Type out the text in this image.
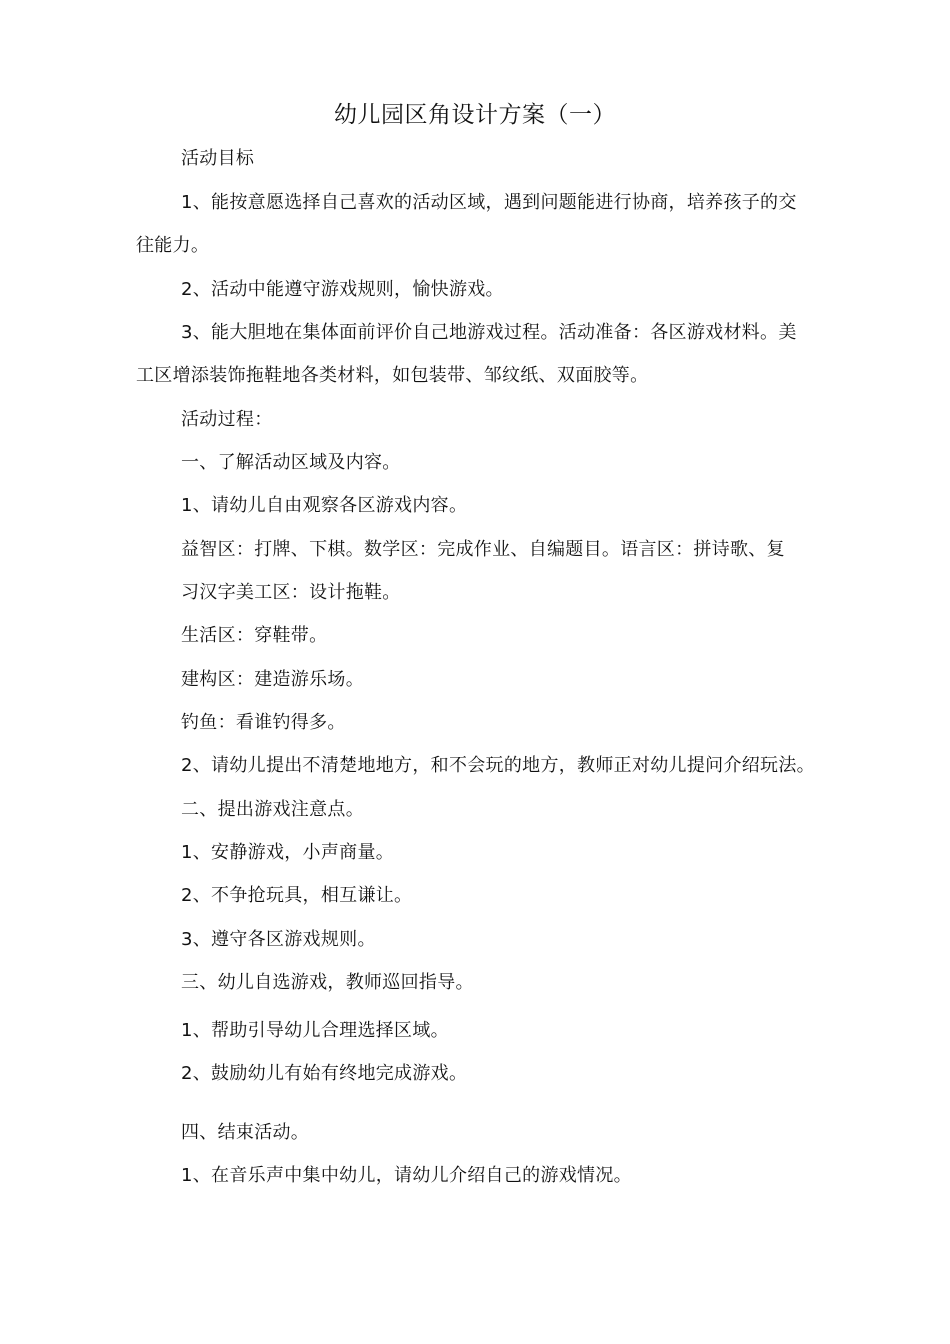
幼儿园区角设计方案（一）
活动目标
1、能按意愿选择自己喜欢的活动区域，遇到问题能进行协商，培养孩子的交
往能力。
2、活动中能遵守游戏规则，愉快游戏。
3、能大胆地在集体面前评价自己地游戏过程。活动准备：各区游戏材料。美
工区增添装饰拖鞋地各类材料，如包装带、邹纹纸、双面胶等。
活动过程：
一、了解活动区域及内容。
1、请幼儿自由观察各区游戏内容。
益智区：打牌、下棋。数学区：完成作业、自编题目。语言区：拼诗歌、复
习汉字美工区：设计拖鞋。
生活区：穿鞋带。
建构区：建造游乐场。
钓鱼：看谁钓得多。
2、请幼儿提出不清楚地地方，和不会玩的地方，教师正对幼儿提问介绍玩法。
二、提出游戏注意点。
1、安静游戏，小声商量。
2、不争抢玩具，相互谦让。
3、遵守各区游戏规则。
三、幼儿自选游戏，教师巡回指导。
1、帮助引导幼儿合理选择区域。
2、鼓励幼儿有始有终地完成游戏。
四、结束活动。
1、在音乐声中集中幼儿，请幼儿介绍自己的游戏情况。
